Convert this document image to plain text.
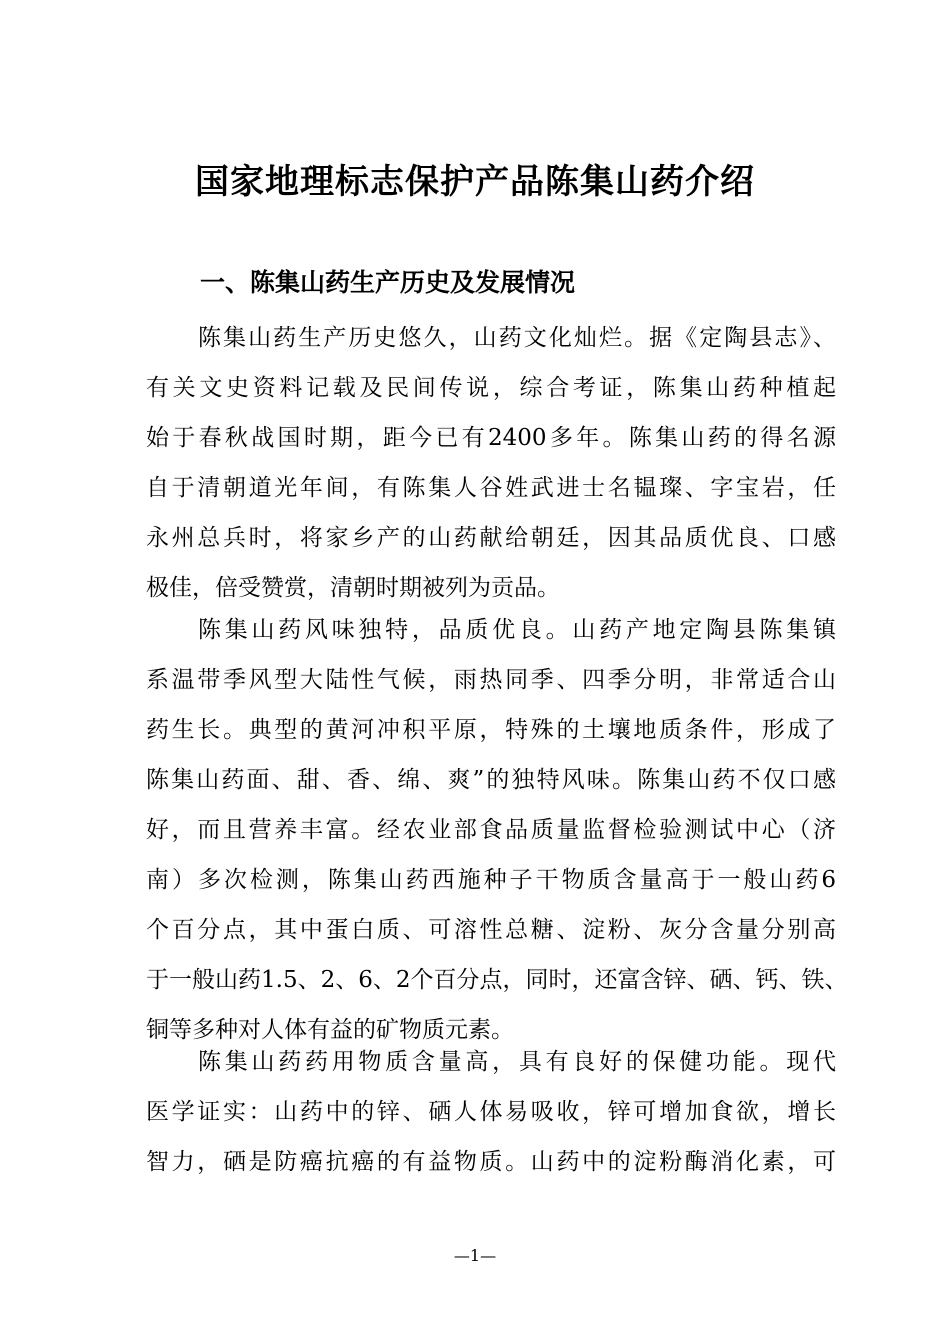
国家地理标志保护产品陈集山药介绍
一、陈集山药生产历史及发展情况
陈集山药生产历史悠久，山药文化灿烂。据《定陶县志》、
有关文史资料记载及民间传说，综合考证，陈集山药种植起
始于春秋战国时期，距今已有2400多年。陈集山药的得名源
自于清朝道光年间，有陈集人谷姓武进士名韫璨、字宝岩，任
永州总兵时，将家乡产的山药献给朝廷，因其品质优良、口感
极佳，倍受赞赏，清朝时期被列为贡品。
陈集山药风味独特，品质优良。山药产地定陶县陈集镇
系温带季风型大陆性气候，雨热同季、四季分明，非常适合山
药生长。典型的黄河冲积平原，特殊的土壤地质条件，形成了
陈集山药面、甜、香、绵、爽”的独特风味。陈集山药不仅口感
好，而且营养丰富。经农业部食品质量监督检验测试中心（济
南）多次检测，陈集山药西施种子干物质含量高于一般山药6
个百分点，其中蛋白质、可溶性总糖、淀粉、灰分含量分别高
于一般山药1.5、2、6、2个百分点，同时，还富含锌、硒、钙、铁、
铜等多种对人体有益的矿物质元素。
陈集山药药用物质含量高，具有良好的保健功能。现代
医学证实：山药中的锌、硒人体易吸收，锌可增加食欲，增长
智力，硒是防癌抗癌的有益物质。山药中的淀粉酶消化素，可
—1—
